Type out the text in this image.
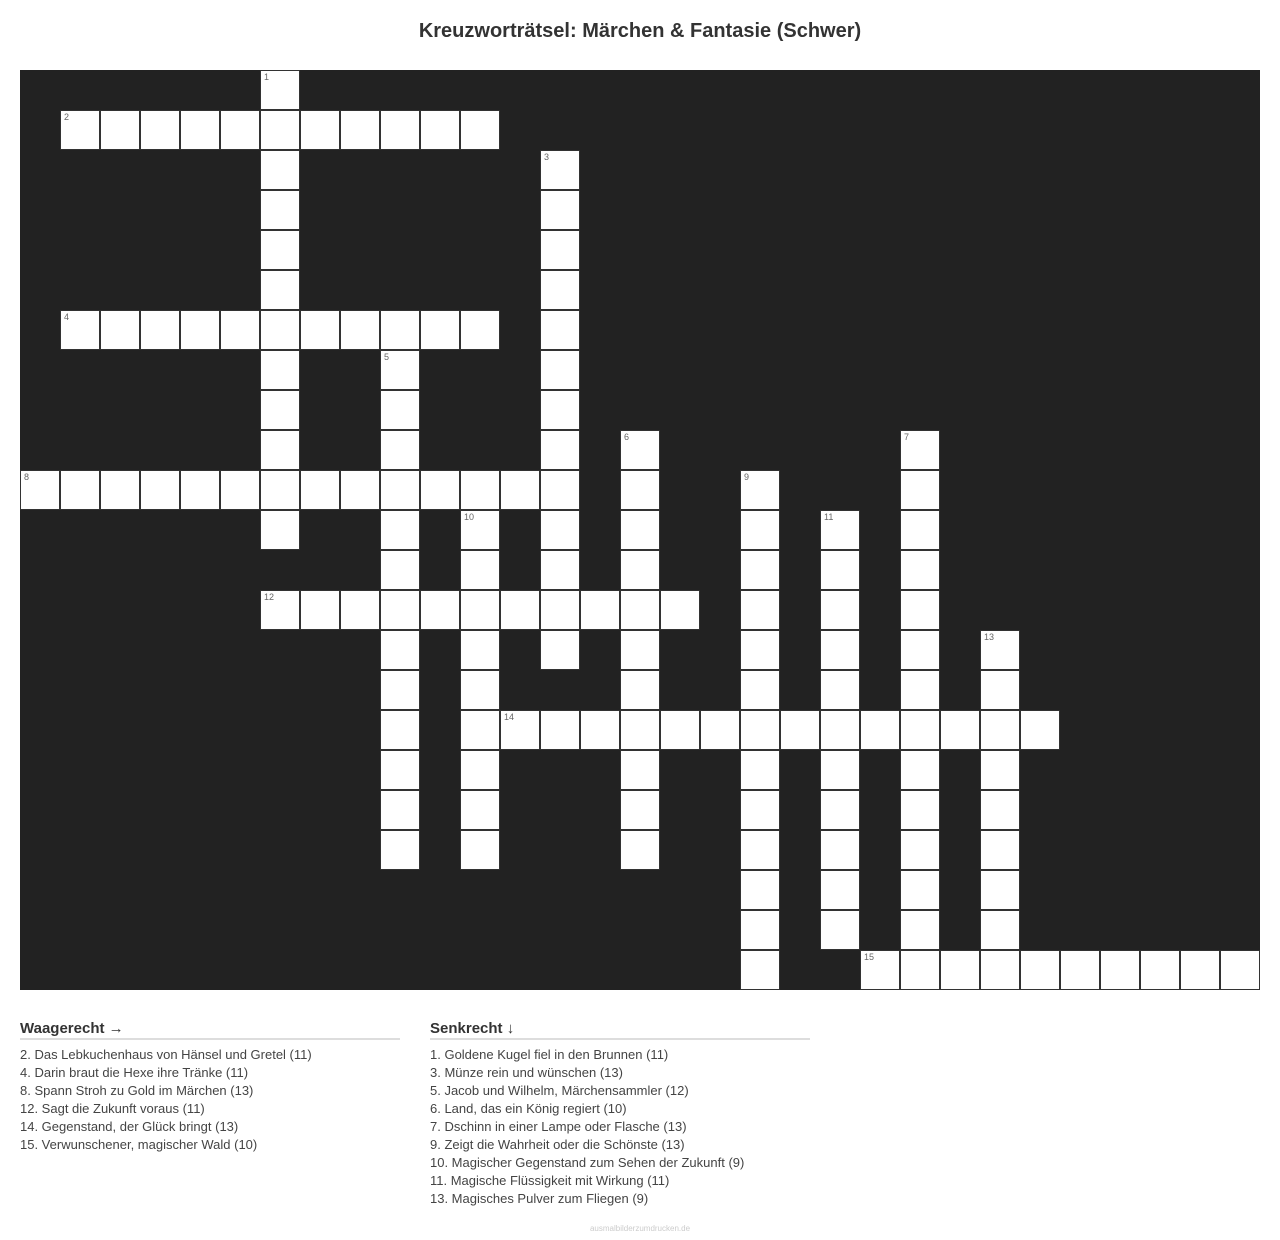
Kreuzworträtsel: Märchen & Fantasie (Schwer)
1
2
3
4
5
6	7
8	9
10	11
12
13
14
15
Waagerecht →
2. Das Lebkuchenhaus von Hänsel und Gretel (11)
4. Darin braut die Hexe ihre Tränke (11)
8. Spann Stroh zu Gold im Märchen (13)
12. Sagt die Zukunft voraus (11)
14. Gegenstand, der Glück bringt (13)
15. Verwunschener, magischer Wald (10)
Senkrecht ↓
1. Goldene Kugel fiel in den Brunnen (11)
3. Münze rein und wünschen (13)
5. Jacob und Wilhelm, Märchensammler (12)
6. Land, das ein König regiert (10)
7. Dschinn in einer Lampe oder Flasche (13)
9. Zeigt die Wahrheit oder die Schönste (13)
10. Magischer Gegenstand zum Sehen der Zukunft (9)
11. Magische Flüssigkeit mit Wirkung (11)
13. Magisches Pulver zum Fliegen (9)
ausmalbilderzumdrucken.de
